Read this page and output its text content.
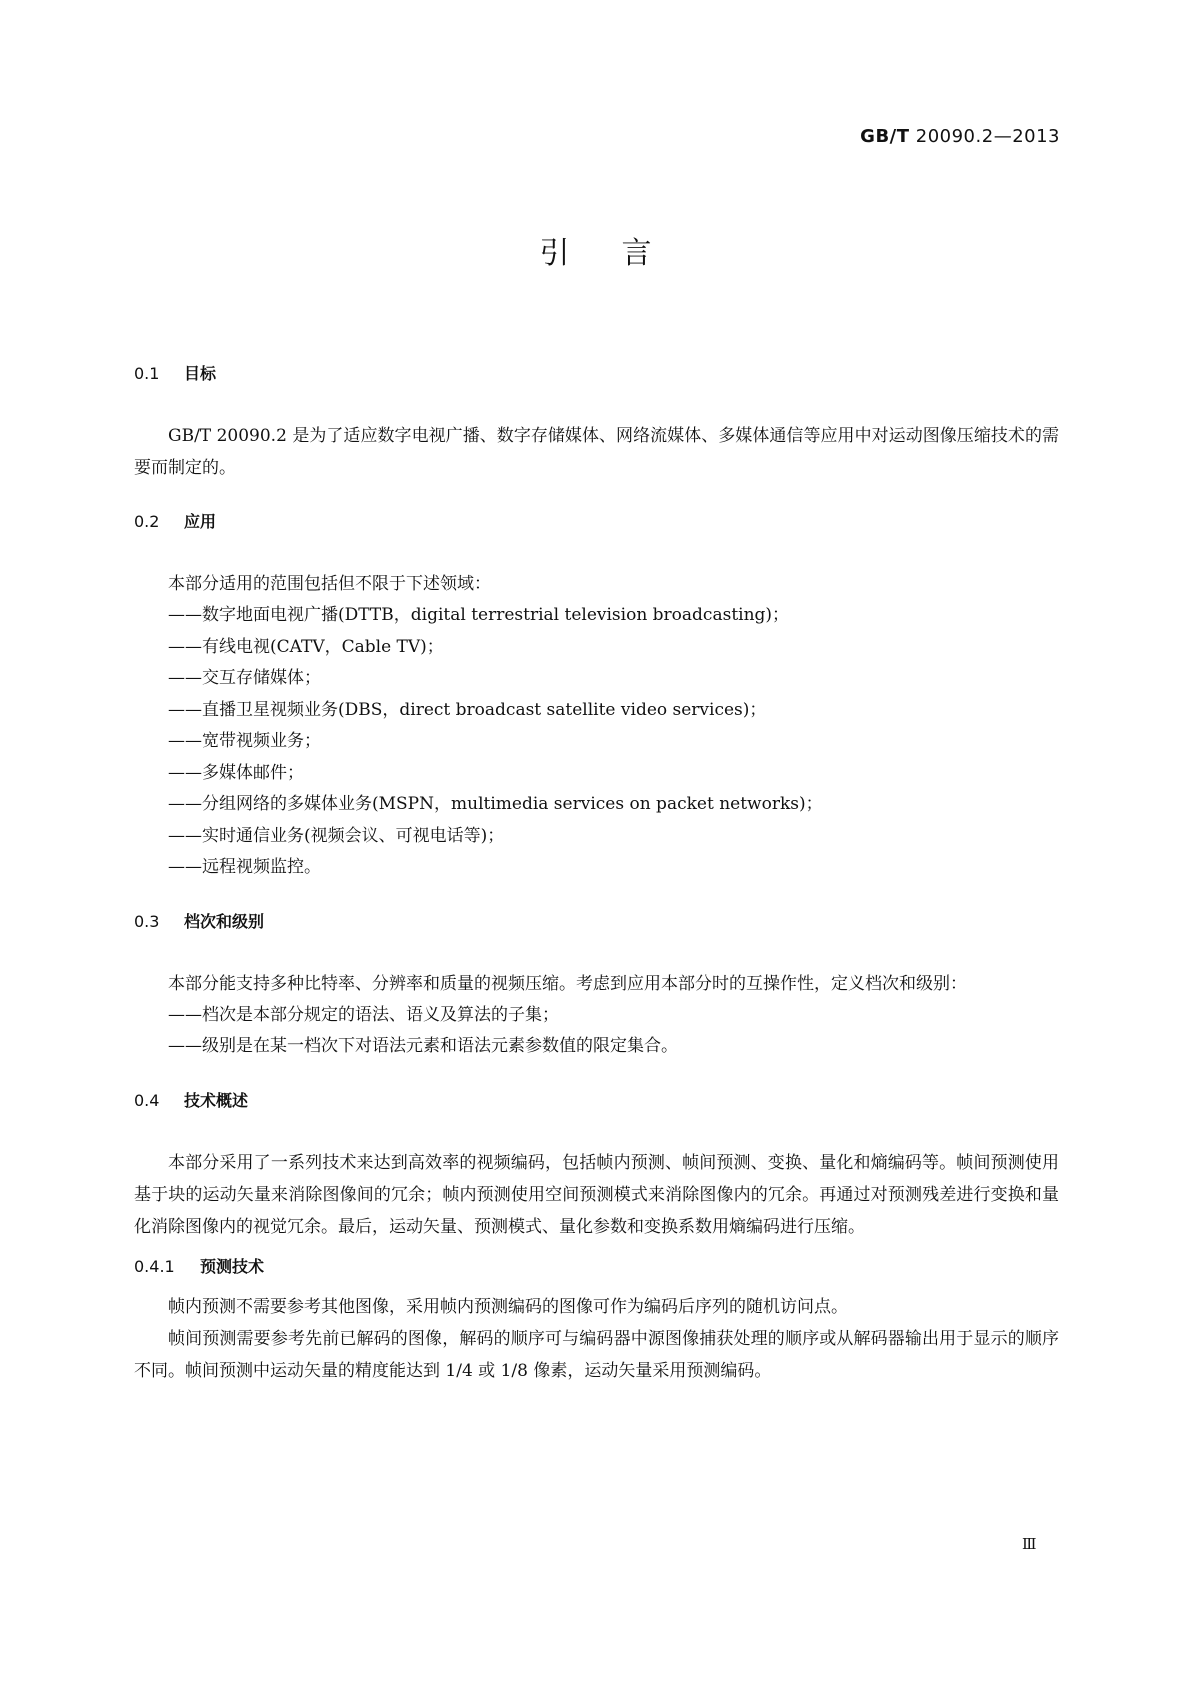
GB/T 20090.2—2013
引言
0.1 目标

GB/T 20090.2 是为了适应数字电视广播、数字存储媒体、网络流媒体、多媒体通信等应用中对运动图像压缩技术的需要而制定的。

0.2 应用

本部分适用的范围包括但不限于下述领域：

——数字地面电视广播(DTTB，digital terrestrial television broadcasting)；

——有线电视(CATV，Cable TV)；

——交互存储媒体；

——直播卫星视频业务(DBS，direct broadcast satellite video services)；

——宽带视频业务；

——多媒体邮件；

——分组网络的多媒体业务(MSPN，multimedia services on packet networks)；

——实时通信业务(视频会议、可视电话等)；

——远程视频监控。

0.3 档次和级别

本部分能支持多种比特率、分辨率和质量的视频压缩。考虑到应用本部分时的互操作性，定义档次和级别：

——档次是本部分规定的语法、语义及算法的子集；

——级别是在某一档次下对语法元素和语法元素参数值的限定集合。

0.4 技术概述

本部分采用了一系列技术来达到高效率的视频编码，包括帧内预测、帧间预测、变换、量化和熵编码等。帧间预测使用基于块的运动矢量来消除图像间的冗余；帧内预测使用空间预测模式来消除图像内的冗余。再通过对预测残差进行变换和量化消除图像内的视觉冗余。最后，运动矢量、预测模式、量化参数和变换系数用熵编码进行压缩。

0.4.1 预测技术

帧内预测不需要参考其他图像，采用帧内预测编码的图像可作为编码后序列的随机访问点。

帧间预测需要参考先前已解码的图像，解码的顺序可与编码器中源图像捕获处理的顺序或从解码器输出用于显示的顺序不同。帧间预测中运动矢量的精度能达到 1/4 或 1/8 像素，运动矢量采用预测编码。

Ⅲ
